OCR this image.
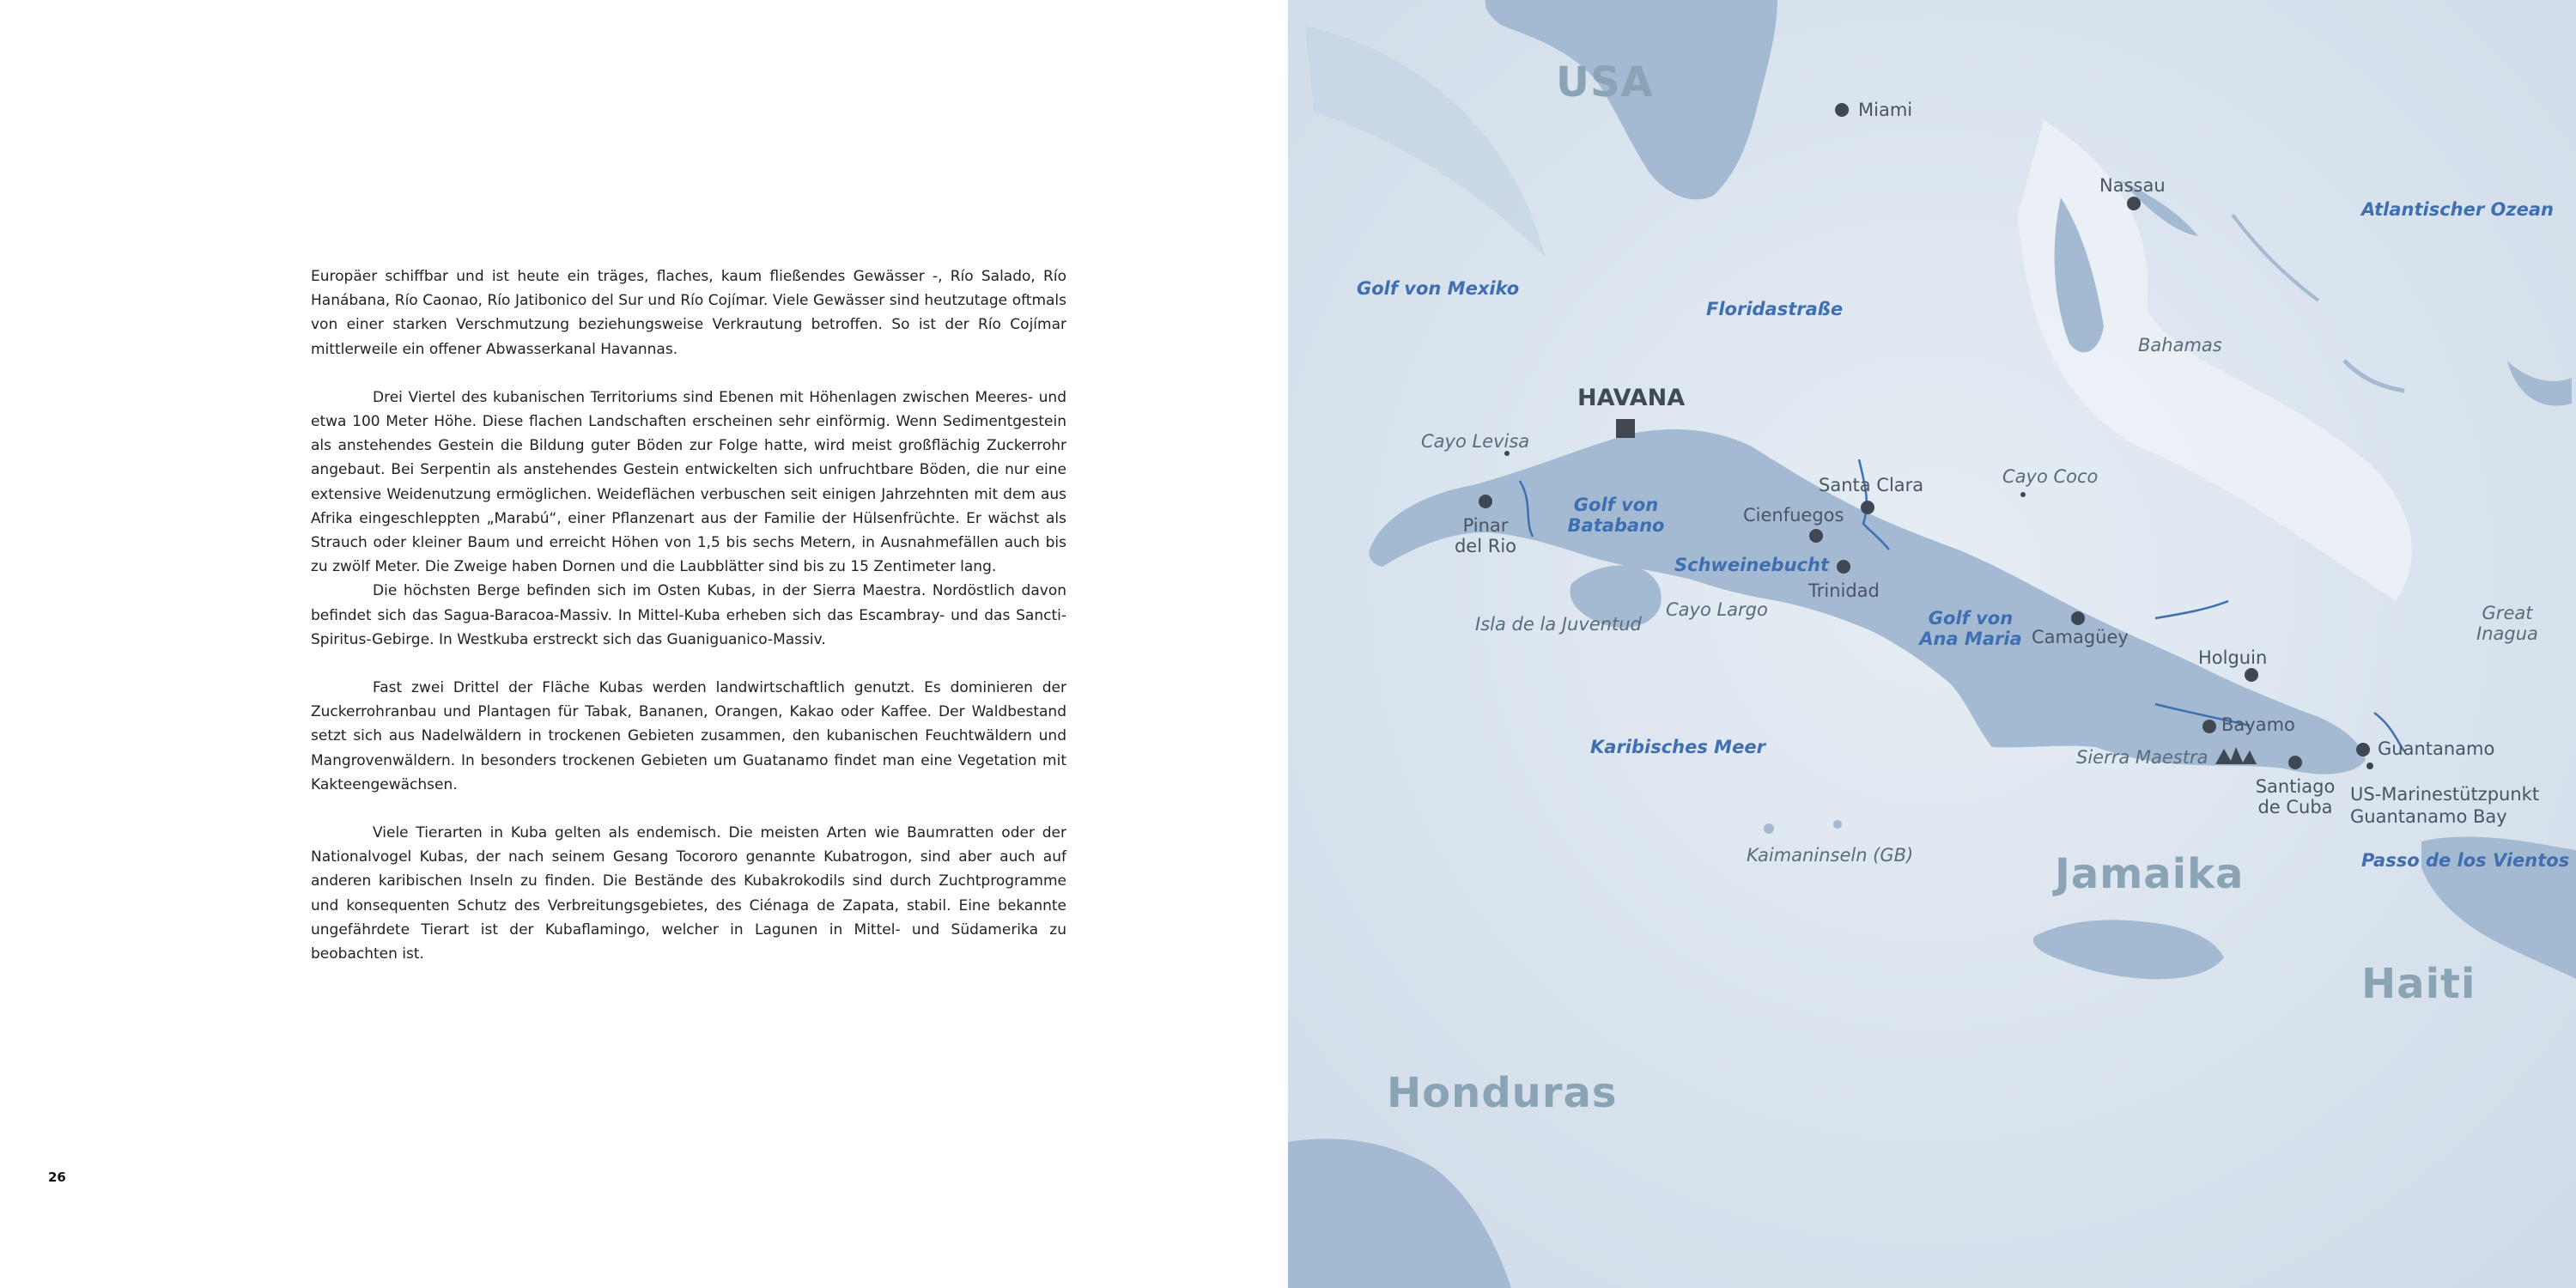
Europäer schiffbar und ist heute ein träges, flaches, kaum fließendes Gewässer -, Río Salado, Río Hanábana, Río Caonao, Río Jatibonico del Sur und Río Cojímar. Viele Gewässer sind heutzutage oftmals von einer starken Verschmutzung beziehungsweise Verkrautung betroffen. So ist der Río Cojímar mittlerweile ein offener Abwasserkanal Havannas.

Drei Viertel des kubanischen Territoriums sind Ebenen mit Höhenlagen zwischen Meeres- und etwa 100 Meter Höhe. Diese flachen Landschaften erscheinen sehr einförmig. Wenn Sedimentgestein als anstehendes Gestein die Bildung guter Böden zur Folge hatte, wird meist großflächig Zuckerrohr angebaut. Bei Serpentin als anstehendes Gestein entwickelten sich unfruchtbare Böden, die nur eine extensive Weidenutzung ermöglichen. Weideflächen verbuschen seit einigen Jahrzehnten mit dem aus Afrika eingeschleppten „Marabú“, einer Pflanzenart aus der Familie der Hülsenfrüchte. Er wächst als Strauch oder kleiner Baum und erreicht Höhen von 1,5 bis sechs Metern, in Ausnahmefällen auch bis zu zwölf Meter. Die Zweige haben Dornen und die Laubblätter sind bis zu 15 Zentimeter lang.

Die höchsten Berge befinden sich im Osten Kubas, in der Sierra Maestra. Nordöstlich davon befindet sich das Sagua-Baracoa-Massiv. In Mittel-Kuba erheben sich das Escambray- und das Sancti-Spiritus-Gebirge. In Westkuba erstreckt sich das Guaniguanico-Massiv.

Fast zwei Drittel der Fläche Kubas werden landwirtschaftlich genutzt. Es dominieren der Zuckerrohranbau und Plantagen für Tabak, Bananen, Orangen, Kakao oder Kaffee. Der Waldbestand setzt sich aus Nadelwäldern in trockenen Gebieten zusammen, den kubanischen Feuchtwäldern und Mangrovenwäldern. In besonders trockenen Gebieten um Guatanamo findet man eine Vegetation mit Kakteengewächsen.

Viele Tierarten in Kuba gelten als endemisch. Die meisten Arten wie Baumratten oder der Nationalvogel Kubas, der nach seinem Gesang Tocororo genannte Kubatrogon, sind aber auch auf anderen karibischen Inseln zu finden. Die Bestände des Kubakrokodils sind durch Zuchtprogramme und konsequenten Schutz des Verbreitungsgebietes, des Ciénaga de Zapata, stabil. Eine bekannte ungefährdete Tierart ist der Kubaflamingo, welcher in Lagunen in Mittel- und Südamerika zu beobachten ist.

26
USA
Jamaika
Haiti
Honduras
Golf von Mexiko
Floridastraße
Atlantischer Ozean
Golf von
Batabano
Schweinebucht
Golf von
Ana Maria
Karibisches Meer
Passo de los Vientos
Bahamas
Cayo Levisa
Cayo Coco
Isla de la Juventud
Cayo Largo
Kaimaninseln (GB)
Sierra Maestra
Great
Inagua
HAVANA
Miami
Nassau
Pinar
del Rio
Cienfuegos
Santa Clara
Trinidad
Camagüey
Holguin
Bayamo
Santiago
de Cuba
Guantanamo
US-Marinestützpunkt
Guantanamo Bay
